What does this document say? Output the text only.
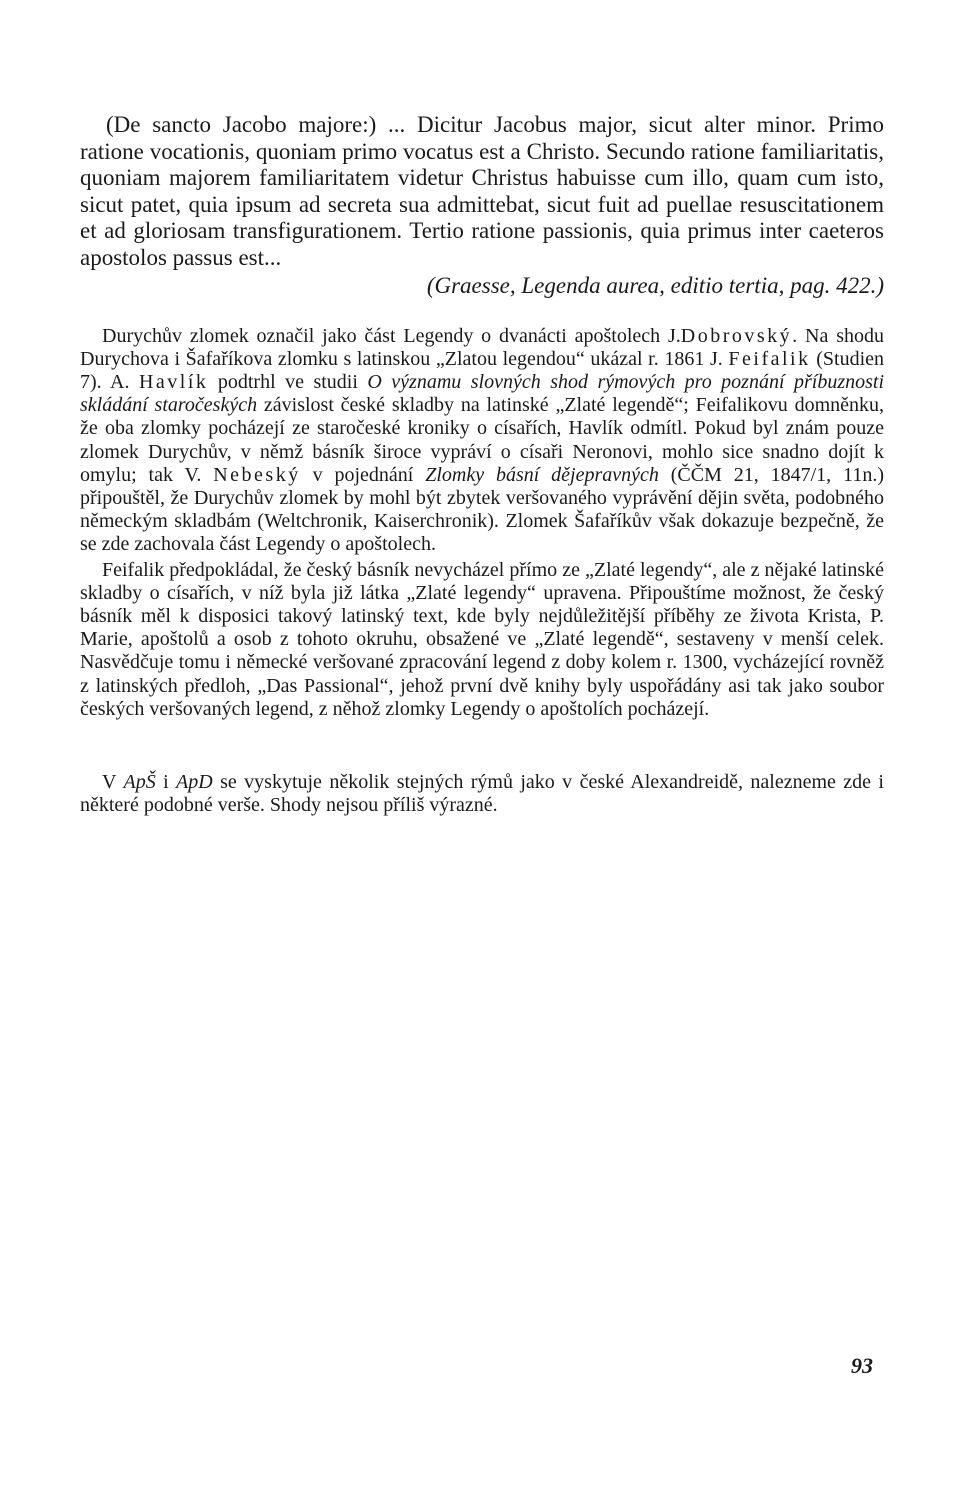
(De sancto Jacobo majore:) ... Dicitur Jacobus major, sicut alter minor. Primo ratione vocationis, quoniam primo vocatus est a Christo. Secundo ratione familiaritatis, quoniam majorem familiaritatem videtur Christus habuisse cum illo, quam cum isto, sicut patet, quia ipsum ad secreta sua admittebat, sicut fuit ad puellae resuscitationem et ad gloriosam transfigurationem. Tertio ratione passionis, quia primus inter caeteros apostolos passus est...

(Graesse, Legenda aurea, editio tertia, pag. 422.)

Durychův zlomek označil jako část Legendy o dvanácti apoštolech J.Dobrovský. Na shodu Durychova i Šafaříkova zlomku s latinskou „Zlatou legendou“ ukázal r. 1861 J. Feifalik (Studien 7). A. Havlík podtrhl ve studii O významu slovných shod rýmových pro poznání příbuznosti skládání staročeských závislost české skladby na latinské „Zlaté legendě“; Feifalikovu domněnku, že oba zlomky pocházejí ze staročeské kroniky o císařích, Havlík odmítl. Pokud byl znám pouze zlomek Durychův, v němž básník široce vypráví o císaři Neronovi, mohlo sice snadno dojít k omylu; tak V. Nebeský v pojednání Zlomky básní dějepravných (ČČM 21, 1847/1, 11n.) připouštěl, že Durychův zlomek by mohl být zbytek veršovaného vyprávění dějin světa, podobného německým skladbám (Weltchronik, Kaiserchronik). Zlomek Šafaříkův však dokazuje bezpečně, že se zde zachovala část Legendy o apoštolech.

Feifalik předpokládal, že český básník nevycházel přímo ze „Zlaté legendy“, ale z nějaké latinské skladby o císařích, v níž byla již látka „Zlaté legendy“ upravena. Připouštíme možnost, že český básník měl k disposici takový latinský text, kde byly nejdůležitější příběhy ze života Krista, P. Marie, apoštolů a osob z tohoto okruhu, obsažené ve „Zlaté legendě“, sestaveny v menší celek. Nasvědčuje tomu i německé veršované zpracování legend z doby kolem r. 1300, vycházející rovněž z latinských předloh, „Das Passional“, jehož první dvě knihy byly uspořádány asi tak jako soubor českých veršovaných legend, z něhož zlomky Legendy o apoštolích pocházejí.

V ApŠ i ApD se vyskytuje několik stejných rýmů jako v české Alexandreidě, nalezneme zde i některé podobné verše. Shody nejsou příliš výrazné.

93
